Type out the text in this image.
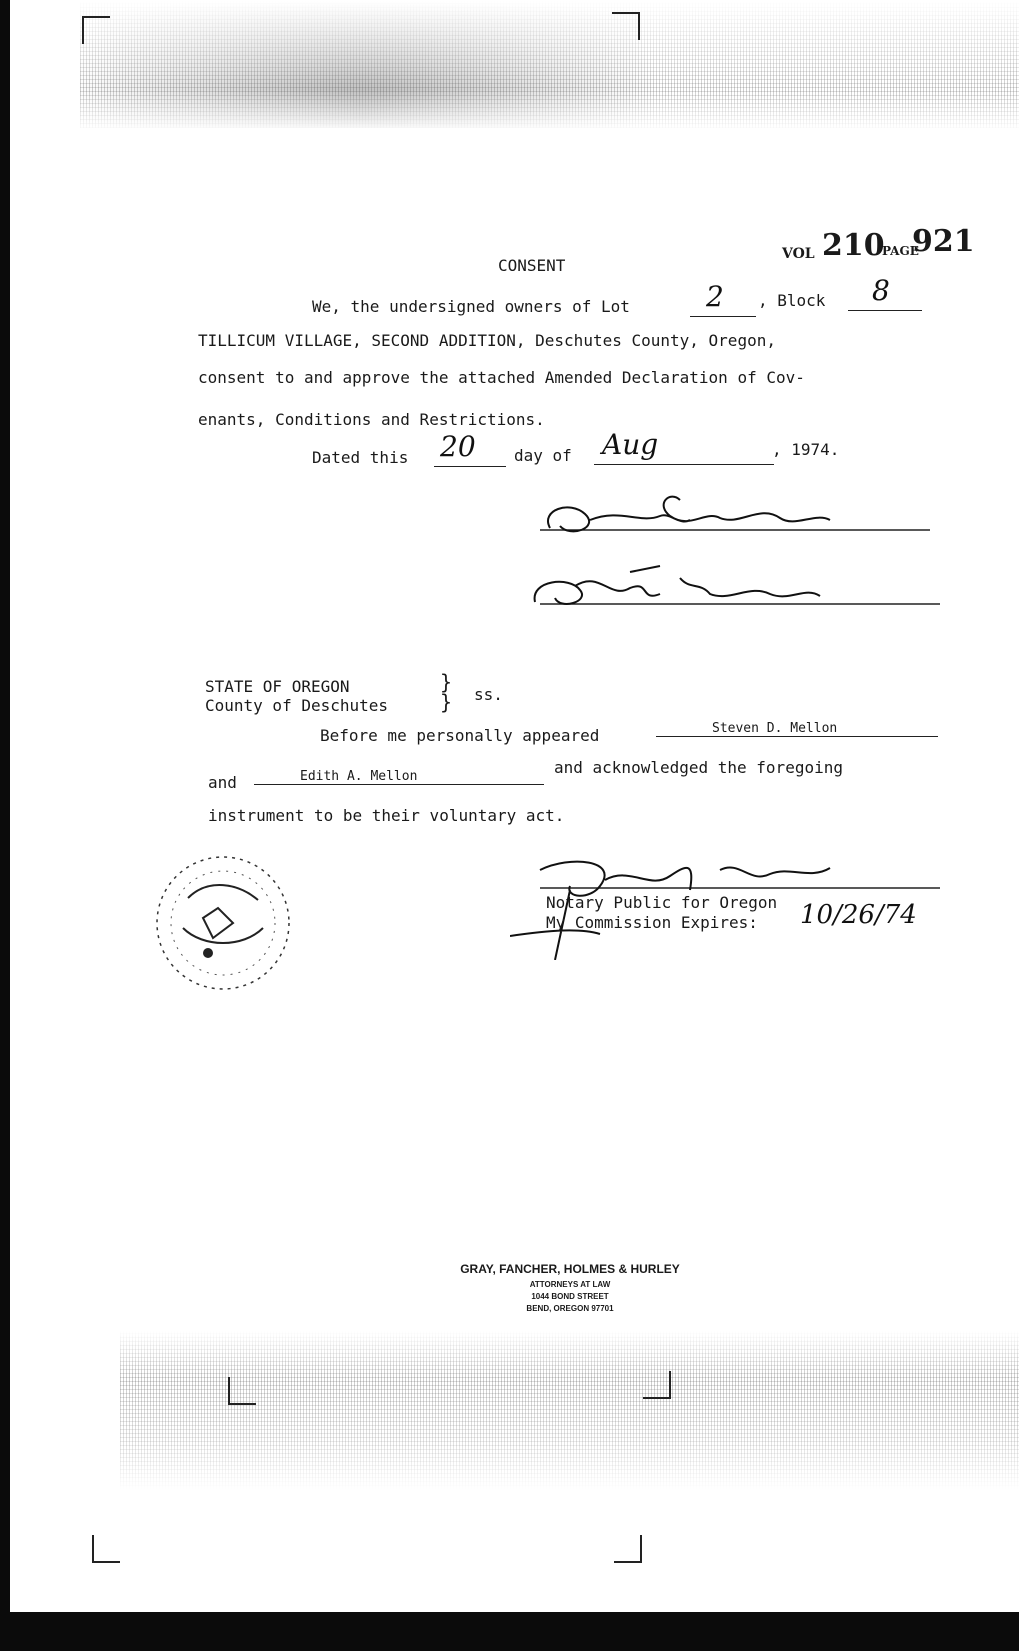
VOL 210
PAGE
921
CONSENT
We, the undersigned owners of Lot	2 , Block 8
TILLICUM VILLAGE, SECOND ADDITION, Deschutes County, Oregon,
consent to and approve the attached Amended Declaration of Cov-
enants, Conditions and Restrictions.
Dated this 20 day of Aug	, 1974.
STATE OF OREGON
County of Deschutes
}
} ss.
Before me personally appeared	Steven D. Mellon
and	Edith A. Mellon	and acknowledged the foregoing
instrument to be their voluntary act.
Notary Public for Oregon
My Commission Expires: 10/26/74
GRAY, FANCHER, HOLMES & HURLEY
ATTORNEYS AT LAW
1044 BOND STREET
BEND, OREGON 97701
